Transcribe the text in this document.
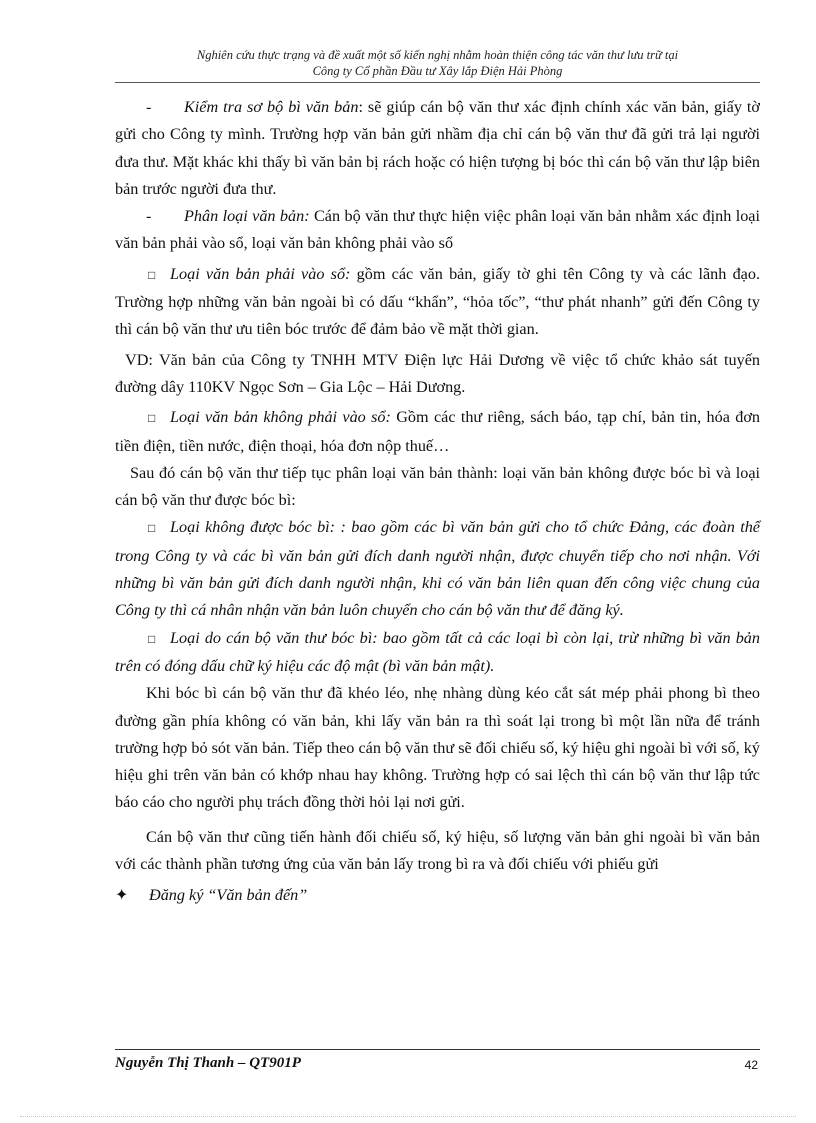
Nghiên cứu thực trạng và đề xuất một số kiến nghị nhằm hoàn thiện công tác văn thư lưu trữ tại
Công ty Cổ phần Đầu tư Xây lắp Điện Hải Phòng

- Kiểm tra sơ bộ bì văn bản: sẽ giúp cán bộ văn thư xác định chính xác văn bản, giấy tờ gửi cho Công ty mình. Trường hợp văn bản gửi nhầm địa chỉ cán bộ văn thư đã gửi trả lại người đưa thư. Mặt khác khi thấy bì văn bản bị rách hoặc có hiện tượng bị bóc thì cán bộ văn thư lập biên bản trước người đưa thư.

- Phân loại văn bản: Cán bộ văn thư thực hiện việc phân loại văn bản nhằm xác định loại văn bản phải vào sổ, loại văn bản không phải vào sổ

□ Loại văn bản phải vào sổ: gồm các văn bản, giấy tờ ghi tên Công ty và các lãnh đạo. Trường hợp những văn bản ngoài bì có dấu “khẩn”, “hỏa tốc”, “thư phát nhanh” gửi đến Công ty thì cán bộ văn thư ưu tiên bóc trước để đảm bảo về mặt thời gian.

VD: Văn bản của Công ty TNHH MTV Điện lực Hải Dương về việc tổ chức khảo sát tuyến đường dây 110KV Ngọc Sơn – Gia Lộc – Hải Dương.

□ Loại văn bản không phải vào sổ: Gồm các thư riêng, sách báo, tạp chí, bản tin, hóa đơn tiền điện, tiền nước, điện thoại, hóa đơn nộp thuế…

Sau đó cán bộ văn thư tiếp tục phân loại văn bản thành: loại văn bản không được bóc bì và loại cán bộ văn thư được bóc bì:

□ Loại không được bóc bì: : bao gồm các bì văn bản gửi cho tổ chức Đảng, các đoàn thể trong Công ty và các bì văn bản gửi đích danh người nhận, được chuyển tiếp cho nơi nhận. Với những bì văn bản gửi đích danh người nhận, khi có văn bản liên quan đến công việc chung của Công ty thì cá nhân nhận văn bản luôn chuyển cho cán bộ văn thư để đăng ký.

□ Loại do cán bộ văn thư bóc bì: bao gồm tất cả các loại bì còn lại, trừ những bì văn bản trên có đóng dấu chữ ký hiệu các độ mật (bì văn bản mật).

Khi bóc bì cán bộ văn thư đã khéo léo, nhẹ nhàng dùng kéo cắt sát mép phải phong bì theo đường gần phía không có văn bản, khi lấy văn bản ra thì soát lại trong bì một lần nữa để tránh trường hợp bỏ sót văn bản. Tiếp theo cán bộ văn thư sẽ đối chiếu số, ký hiệu ghi ngoài bì với số, ký hiệu ghi trên văn bản có khớp nhau hay không. Trường hợp có sai lệch thì cán bộ văn thư lập tức báo cáo cho người phụ trách đồng thời hỏi lại nơi gửi.

Cán bộ văn thư cũng tiến hành đối chiếu số, ký hiệu, số lượng văn bản ghi ngoài bì văn bản với các thành phần tương ứng của văn bản lấy trong bì ra và đối chiếu với phiếu gửi

✦ Đăng ký “Văn bản đến”

Nguyễn Thị Thanh – QT901P	42
